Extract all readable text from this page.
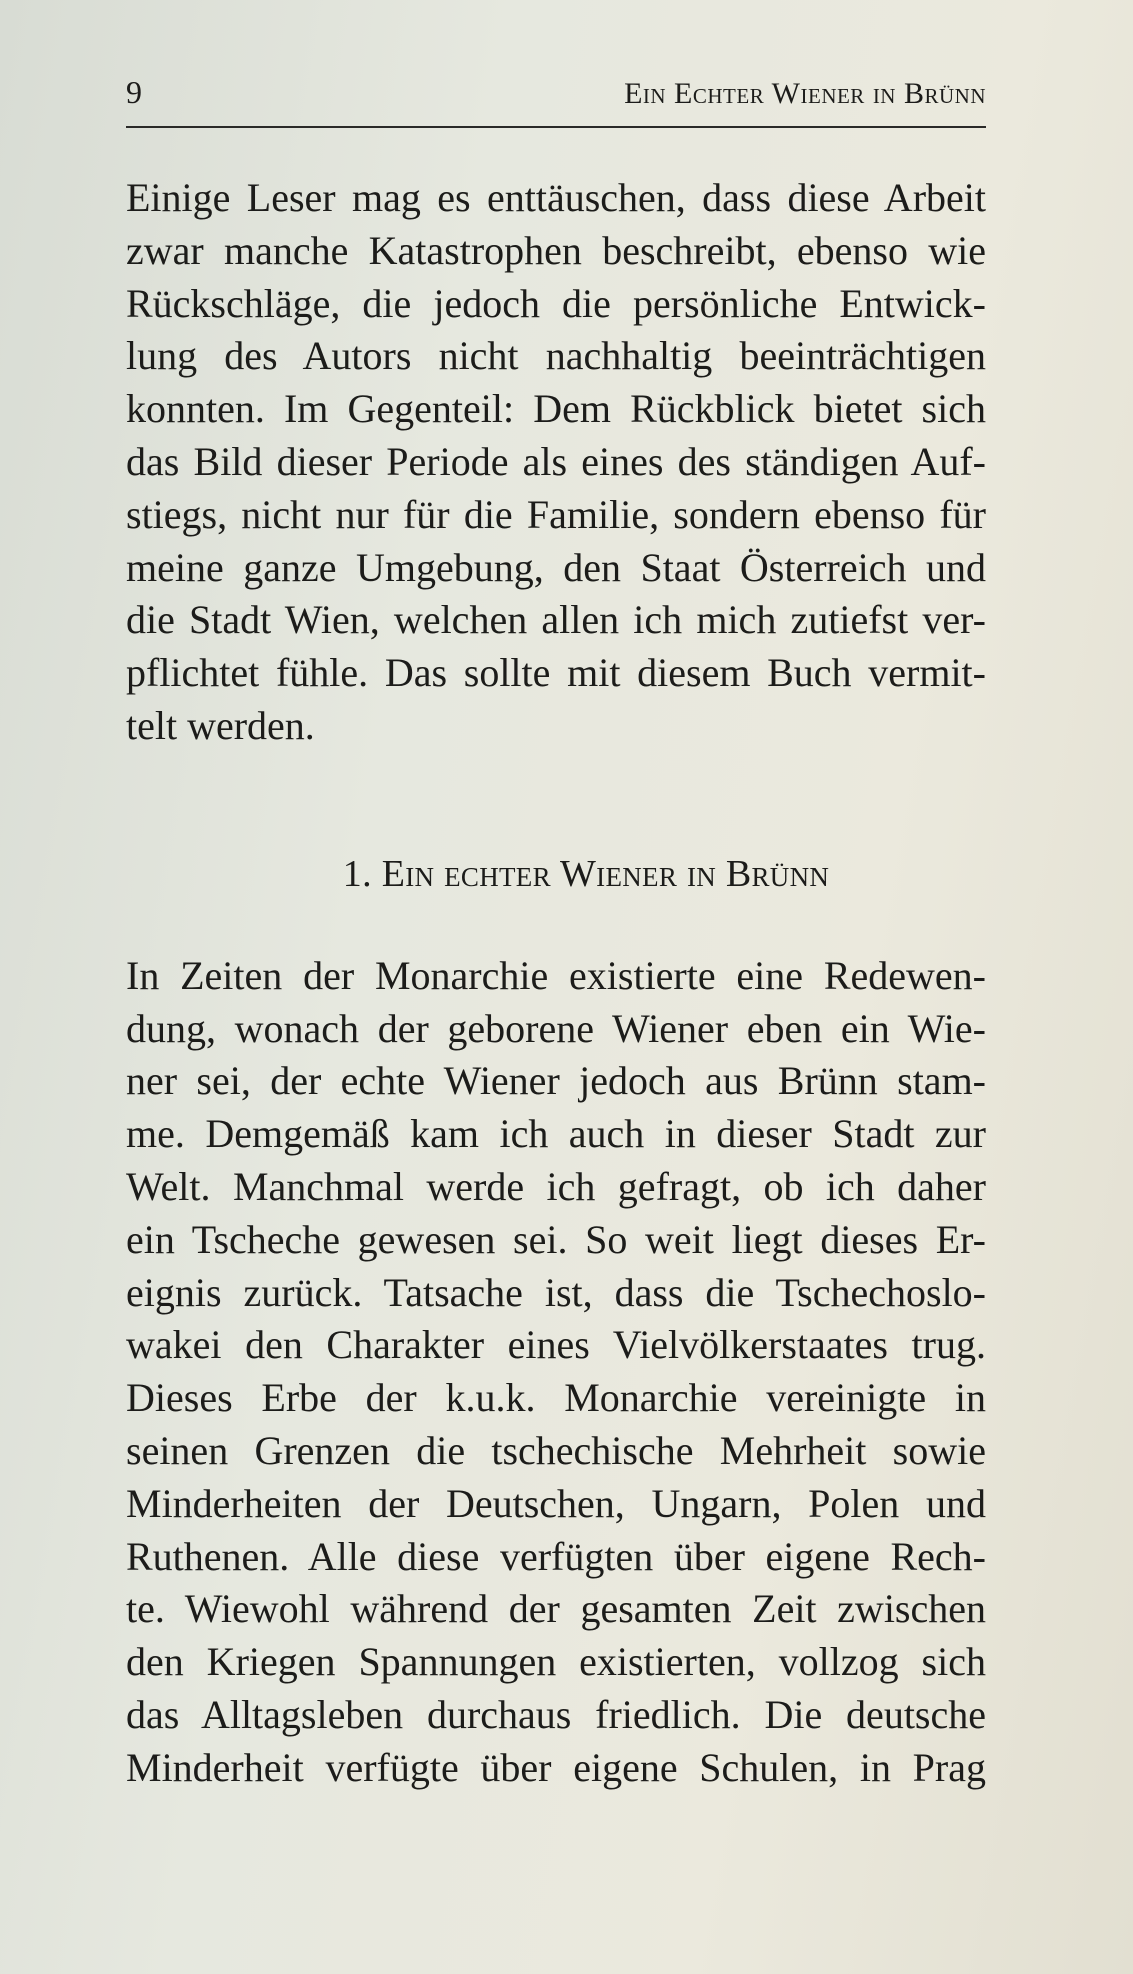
9	Ein Echter Wiener in Brünn

Einige Leser mag es enttäuschen, dass diese Arbeit
zwar manche Katastrophen beschreibt, ebenso wie
Rückschläge, die jedoch die persönliche Entwick-
lung des Autors nicht nachhaltig beeinträchtigen
konnten. Im Gegenteil: Dem Rückblick bietet sich
das Bild dieser Periode als eines des ständigen Auf-
stiegs, nicht nur für die Familie, sondern ebenso für
meine ganze Umgebung, den Staat Österreich und
die Stadt Wien, welchen allen ich mich zutiefst ver-
pflichtet fühle. Das sollte mit diesem Buch vermit-
telt werden.

1. Ein echter Wiener in Brünn

In Zeiten der Monarchie existierte eine Redewen-
dung, wonach der geborene Wiener eben ein Wie-
ner sei, der echte Wiener jedoch aus Brünn stam-
me. Demgemäß kam ich auch in dieser Stadt zur
Welt. Manchmal werde ich gefragt, ob ich daher
ein Tscheche gewesen sei. So weit liegt dieses Er-
eignis zurück. Tatsache ist, dass die Tschechoslo-
wakei den Charakter eines Vielvölkerstaates trug.
Dieses Erbe der k.u.k. Monarchie vereinigte in
seinen Grenzen die tschechische Mehrheit sowie
Minderheiten der Deutschen, Ungarn, Polen und
Ruthenen. Alle diese verfügten über eigene Rech-
te. Wiewohl während der gesamten Zeit zwischen
den Kriegen Spannungen existierten, vollzog sich
das Alltagsleben durchaus friedlich. Die deutsche
Minderheit verfügte über eigene Schulen, in Prag
